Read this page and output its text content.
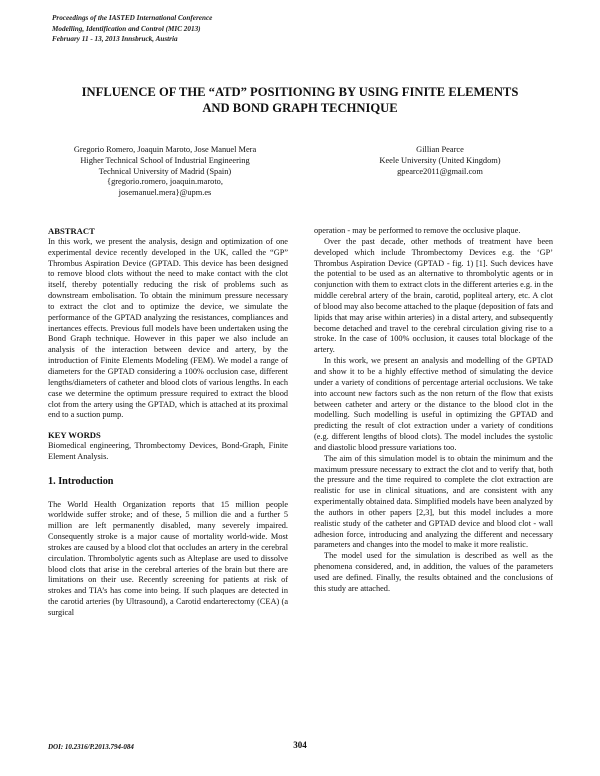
Proceedings of the IASTED International Conference
Modelling, Identification and Control (MIC 2013)
February 11 - 13, 2013 Innsbruck, Austria
INFLUENCE OF THE “ATD” POSITIONING BY USING FINITE ELEMENTS
AND BOND GRAPH TECHNIQUE
Gregorio Romero, Joaquin Maroto, Jose Manuel Mera
Higher Technical School of Industrial Engineering
Technical University of Madrid (Spain)
{gregorio.romero, joaquin.maroto,
josemanuel.mera}@upm.es
Gillian Pearce
Keele University (United Kingdom)
gpearce2011@gmail.com

ABSTRACT

In this work, we present the analysis, design and optimization of one experimental device recently developed in the UK, called the “GP” Thrombus Aspiration Device (GPTAD. This device has been designed to remove blood clots without the need to make contact with the clot itself, thereby potentially reducing the risk of problems such as downstream embolisation. To obtain the minimum pressure necessary to extract the clot and to optimize the device, we simulate the performance of the GPTAD analyzing the resistances, compliances and inertances effects. Previous full models have been undertaken using the Bond Graph technique. However in this paper we also include an analysis of the interaction between device and artery, by the introduction of Finite Elements Modeling (FEM). We model a range of diameters for the GPTAD considering a 100% occlusion case, different lengths/diameters of catheter and blood clots of various lengths. In each case we determine the optimum pressure required to extract the blood clot from the artery using the GPTAD, which is attached at its proximal end to a suction pump.

KEY WORDS

Biomedical engineering, Thrombectomy Devices, Bond-Graph, Finite Element Analysis.

1. Introduction

The World Health Organization reports that 15 million people worldwide suffer stroke; and of these, 5 million die and a further 5 million are left permanently disabled, many severely impaired. Consequently stroke is a major cause of mortality world-wide. Most strokes are caused by a blood clot that occludes an artery in the cerebral circulation. Thrombolytic agents such as Alteplase are used to dissolve blood clots that arise in the cerebral arteries of the brain but there are limitations on their use. Recently screening for patients at risk of strokes and TIA’s has come into being. If such plaques are detected in the carotid arteries (by Ultrasound), a Carotid endarterectomy (CEA) (a surgical

operation - may be performed to remove the occlusive plaque.

Over the past decade, other methods of treatment have been developed which include Thrombectomy Devices e.g. the ‘GP’ Thrombus Aspiration Device (GPTAD - fig. 1) [1]. Such devices have the potential to be used as an alternative to thrombolytic agents or in conjunction with them to extract clots in the different arteries e.g. in the middle cerebral artery of the brain, carotid, popliteal artery, etc. A clot of blood may also become attached to the plaque (deposition of fats and lipids that may arise within arteries) in a distal artery, and subsequently become detached and travel to the cerebral circulation giving rise to a stroke. In the case of 100% occlusion, it causes total blockage of the artery.

In this work, we present an analysis and modelling of the GPTAD and show it to be a highly effective method of simulating the device under a variety of conditions of percentage arterial occlusions. We take into account new factors such as the non return of the flow that exists between catheter and artery or the distance to the blood clot in the modelling. Such modelling is useful in optimizing the GPTAD and predicting the result of clot extraction under a variety of conditions (e.g. different lengths of blood clots). The model includes the systolic and diastolic blood pressure variations too.

The aim of this simulation model is to obtain the minimum and the maximum pressure necessary to extract the clot and to verify that, both the pressure and the time required to complete the clot extraction are realistic for use in clinical situations, and are consistent with any experimentally obtained data. Simplified models have been analyzed by the authors in other papers [2,3], but this model includes a more realistic study of the catheter and GPTAD device and blood clot - wall adhesion force, introducing and analyzing the different and necessary parameters and changes into the model to make it more realistic.

The model used for the simulation is described as well as the phenomena considered, and, in addition, the values of the parameters used are defined. Finally, the results obtained and the conclusions of this study are attached.

304
DOI: 10.2316/P.2013.794-084
